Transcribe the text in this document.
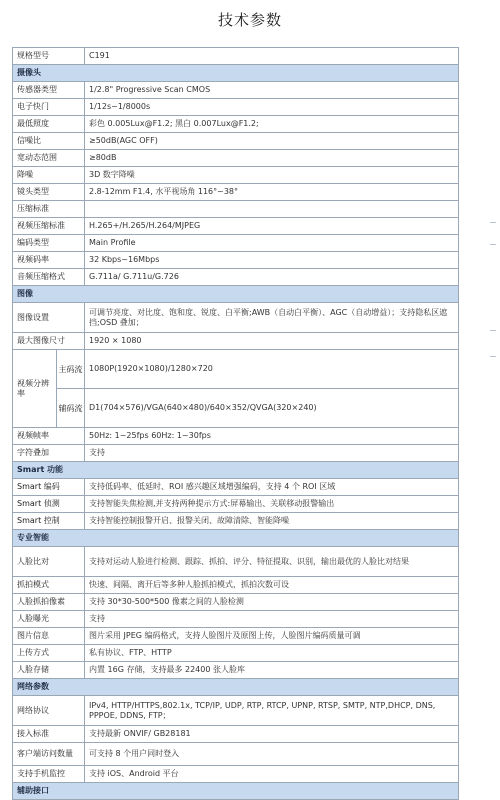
技术参数
规格型号		C191
摄像头		
传感器类型		1/2.8" Progressive Scan CMOS
电子快门		1/12s~1/8000s
最低照度		彩色 0.005Lux@F1.2; 黑白 0.007Lux@F1.2;
信噪比		≥50dB(AGC OFF)
宽动态范围		≥80dB
降噪		3D 数字降噪
镜头类型		2.8-12mm F1.4, 水平视场角 116°~38°
压缩标准		
视频压缩标准		H.265+/H.265/H.264/MJPEG
编码类型		Main Profile
视频码率		32 Kbps~16Mbps
音频压缩格式		G.711a/ G.711u/G.726
图像		
图像设置		可调节亮度、对比度、饱和度、锐度、白平衡;AWB（自动白平衡）、AGC（自动增益）；支持隐私区遮挡;OSD 叠加；
最大图像尺寸		1920 × 1080
视频分辨率	主码流	1080P(1920×1080)/1280×720
	辅码流	D1(704×576)/VGA(640×480)/640×352/QVGA(320×240)
视频帧率		50Hz: 1~25fps 60Hz: 1~30fps
字符叠加		支持
Smart 功能		
Smart 编码		支持低码率、低延时、ROI 感兴趣区域增强编码，支持 4 个 ROI 区域
Smart 侦测		支持智能失焦检测,并支持两种提示方式:屏幕输出、关联移动报警输出
Smart 控制		支持智能控制报警开启、报警关闭、故障清除、智能降噪
专业智能		
人脸比对		支持对运动人脸进行检测、跟踪、抓拍、评分、特征提取、识别，输出最优的人脸比对结果
抓拍模式		快速、间隔、离开后等多种人脸抓拍模式，抓拍次数可设
人脸抓拍像素		支持 30*30-500*500 像素之间的人脸检测
人脸曝光		支持
图片信息		图片采用 JPEG 编码格式，支持人脸图片及原图上传，人脸图片编码质量可调
上传方式		私有协议、FTP、HTTP
人脸存储		内置 16G 存储，支持最多 22400 张人脸库
网络参数		
网络协议		IPv4, HTTP/HTTPS,802.1x, TCP/IP, UDP, RTP, RTCP, UPNP, RTSP, SMTP, NTP,DHCP, DNS, PPPOE, DDNS, FTP；
接入标准		支持最新 ONVIF/ GB28181
客户端访问数量		可支持 8 个用户同时登入
支持手机监控		支持 iOS、Android 平台
辅助接口		
